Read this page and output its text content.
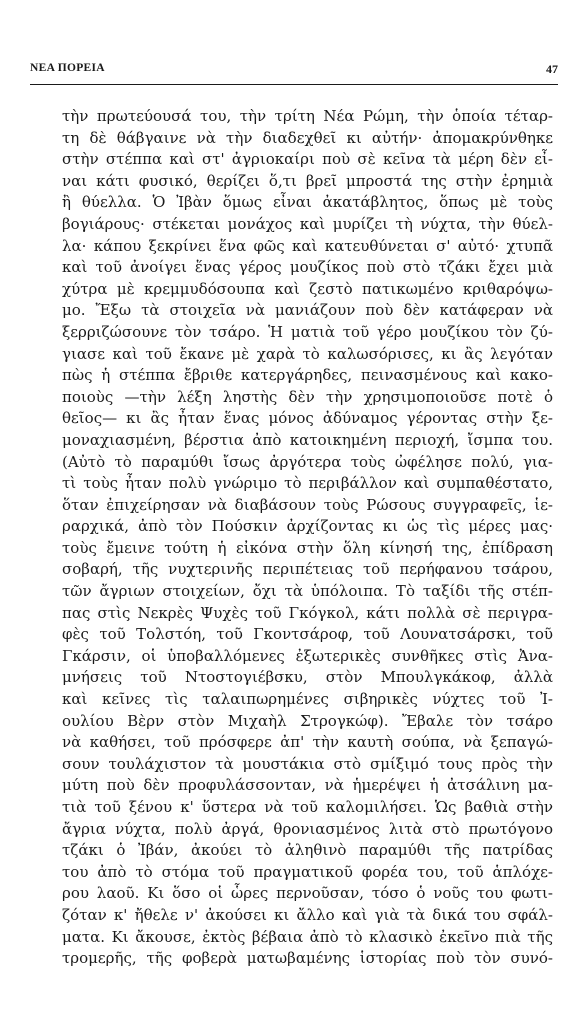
ΝΕΑ ΠΟΡΕΙΑ	47
τὴν πρωτεύουσά του, τὴν τρίτη Νέα Ρώμη, τὴν ὁποία τέταρ-
τη δὲ θάβγαινε νὰ τὴν διαδεχθεῖ κι αὐτήν· ἀπομακρύνθηκε
στὴν στέππα καὶ στ' ἀγριοκαίρι ποὺ σὲ κεῖνα τὰ μέρη δὲν εἶ-
ναι κάτι φυσικό, θερίζει ὅ,τι βρεῖ μπροστά της στὴν ἐρημιὰ
ἢ θύελλα. Ὁ Ἰβὰν ὅμως εἶναι ἀκατάβλητος, ὅπως μὲ τοὺς
βογιάρους· στέκεται μονάχος καὶ μυρίζει τὴ νύχτα, τὴν θύελ-
λα· κάπου ξεκρίνει ἕνα φῶς καὶ κατευθύνεται σ' αὐτό· χτυπᾶ
καὶ τοῦ ἀνοίγει ἕνας γέρος μουζίκος ποὺ στὸ τζάκι ἔχει μιὰ
χύτρα μὲ κρεμμυδόσουπα καὶ ζεστὸ πατικωμένο κριθαρόψω-
μο. Ἔξω τὰ στοιχεῖα νὰ μανιάζουν ποὺ δὲν κατάφεραν νὰ
ξερριζώσουνε τὸν τσάρο. Ἡ ματιὰ τοῦ γέρο μουζίκου τὸν ζύ-
γιασε καὶ τοῦ ἔκανε μὲ χαρὰ τὸ καλωσόρισες, κι ἂς λεγόταν
πὼς ἡ στέππα ἔβριθε κατεργάρηδες, πεινασμένους καὶ κακο-
ποιοὺς —τὴν λέξη ληστὴς δὲν τὴν χρησιμοποιοῦσε ποτὲ ὁ
θεῖος— κι ἂς ἦταν ἕνας μόνος ἀδύναμος γέροντας στὴν ξε-
μοναχιασμένη, βέρστια ἀπὸ κατοικημένη περιοχή, ἴσμπα του.
(Αὐτὸ τὸ παραμύθι ἴσως ἀργότερα τοὺς ὠφέλησε πολύ, για-
τὶ τοὺς ἦταν πολὺ γνώριμο τὸ περιβάλλον καὶ συμπαθέστατο,
ὅταν ἐπιχείρησαν νὰ διαβάσουν τοὺς Ρώσους συγγραφεῖς, ἱε-
ραρχικά, ἀπὸ τὸν Πούσκιν ἀρχίζοντας κι ὡς τὶς μέρες μας·
τοὺς ἔμεινε τούτη ἡ εἰκόνα στὴν ὅλη κίνησή της, ἐπίδραση
σοβαρή, τῆς νυχτερινῆς περιπέτειας τοῦ περήφανου τσάρου,
τῶν ἄγριων στοιχείων, ὄχι τὰ ὑπόλοιπα. Τὸ ταξίδι τῆς στέπ-
πας στὶς Νεκρὲς Ψυχὲς τοῦ Γκόγκολ, κάτι πολλὰ σὲ περιγρα-
φὲς τοῦ Τολστόη, τοῦ Γκοντσάροφ, τοῦ Λουνατσάρσκι, τοῦ
Γκάρσιν, οἱ ὑποβαλλόμενες ἐξωτερικὲς συνθῆκες στὶς Ἀνα-
μνήσεις τοῦ Ντοστογιέβσκυ, στὸν Μπουλγκάκοφ, ἀλλὰ
καὶ κεῖνες τὶς ταλαιπωρημένες σιβηρικὲς νύχτες τοῦ Ἰ-
ουλίου Βὲρν στὸν Μιχαὴλ Στρογκώφ). Ἔβαλε τὸν τσάρο
νὰ καθήσει, τοῦ πρόσφερε ἀπ' τὴν καυτὴ σούπα, νὰ ξεπαγώ-
σουν τουλάχιστον τὰ μουστάκια στὸ σμίξιμό τους πρὸς τὴν
μύτη ποὺ δὲν προφυλάσσονταν, νὰ ἡμερέψει ἡ ἀτσάλινη μα-
τιὰ τοῦ ξένου κ' ὕστερα νὰ τοῦ καλομιλήσει. Ὡς βαθιὰ στὴν
ἄγρια νύχτα, πολὺ ἀργά, θρονιασμένος λιτὰ στὸ πρωτόγονο
τζάκι ὁ Ἰβάν, ἀκούει τὸ ἀληθινὸ παραμύθι τῆς πατρίδας
του ἀπὸ τὸ στόμα τοῦ πραγματικοῦ φορέα του, τοῦ ἁπλόχε-
ρου λαοῦ. Κι ὅσο οἱ ὧρες περνοῦσαν, τόσο ὁ νοῦς του φωτι-
ζόταν κ' ἤθελε ν' ἀκούσει κι ἄλλο καὶ γιὰ τὰ δικά του σφάλ-
ματα. Κι ἄκουσε, ἐκτὸς βέβαια ἀπὸ τὸ κλασικὸ ἐκεῖνο πιὰ τῆς
τρομερῆς, τῆς φοβερὰ ματωβαμένης ἱστορίας ποὺ τὸν συνό-
